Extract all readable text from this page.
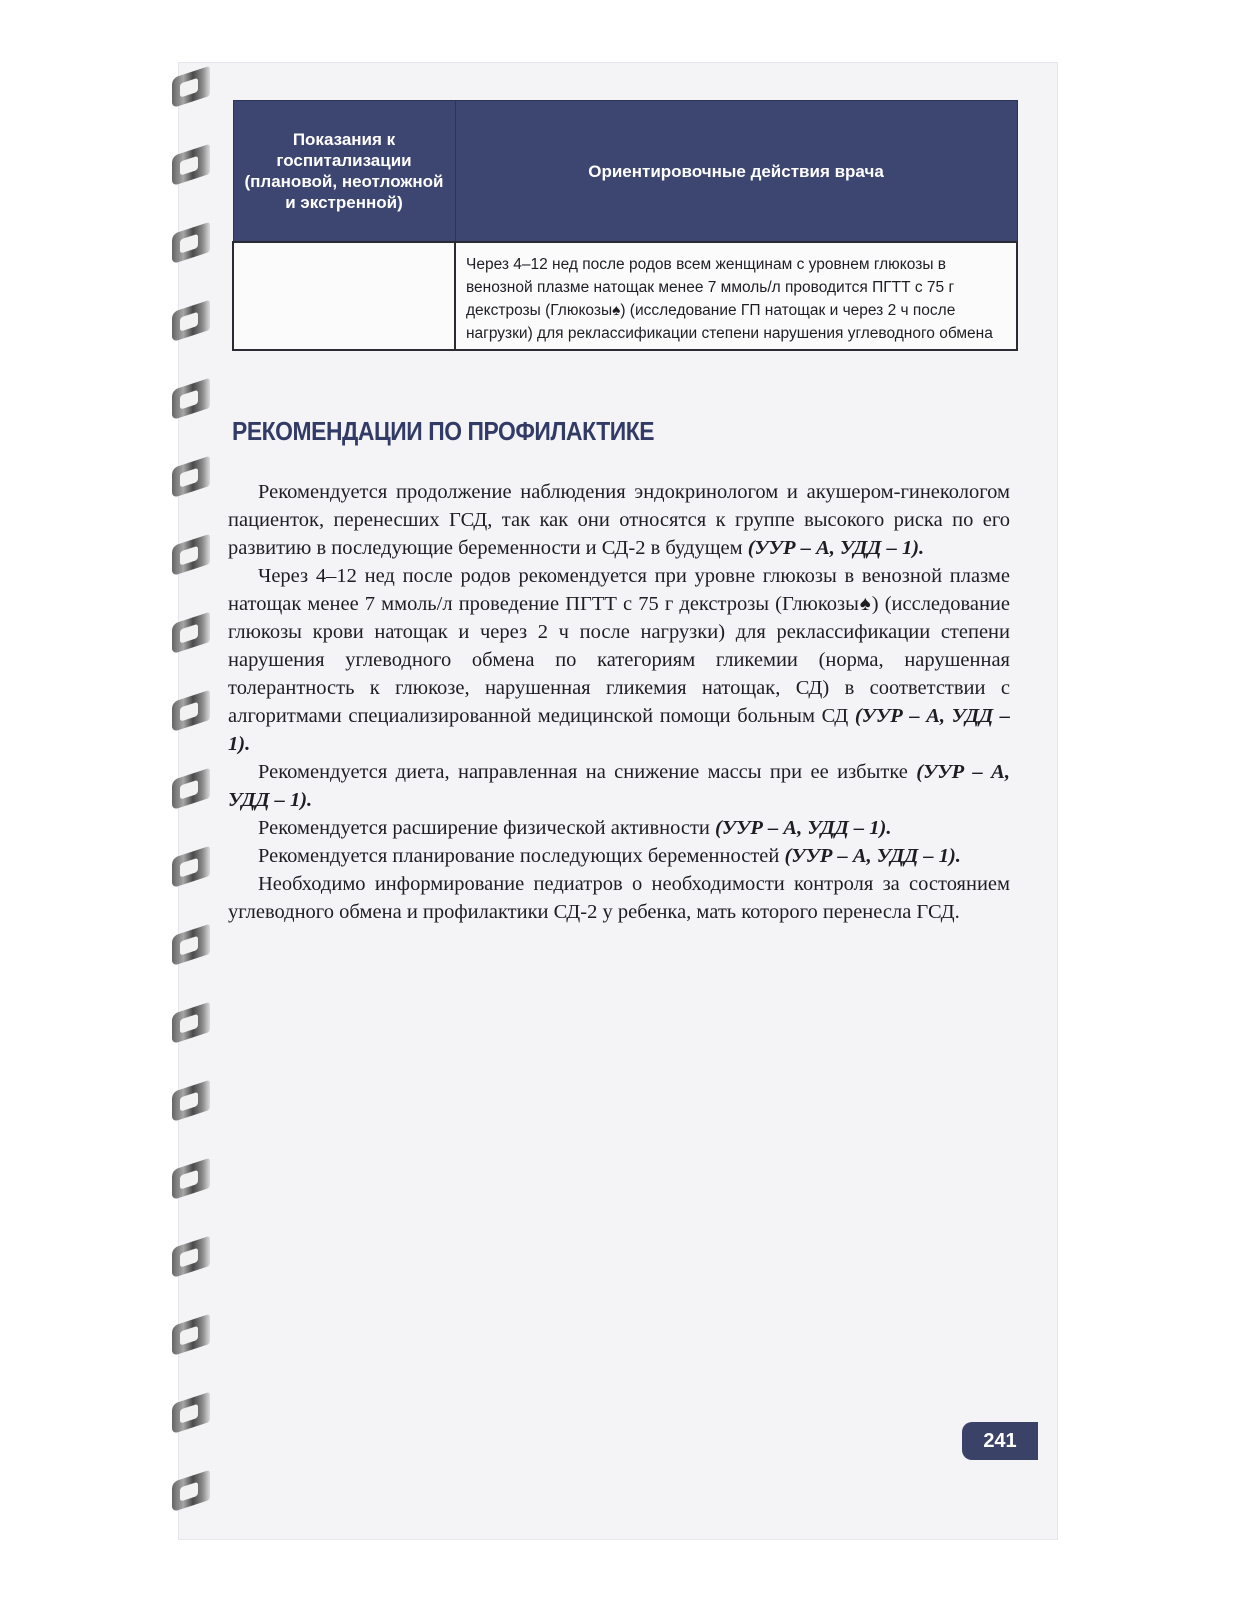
Показания к госпитализации (плановой, неотложной и экстренной)	Ориентировочные действия врача
	Через 4–12 нед после родов всем женщинам с уровнем глюкозы в венозной плазме натощак менее 7 ммоль/л проводится ПГТТ с 75 г декстрозы (Глюкозы♠) (исследование ГП натощак и через 2 ч после нагрузки) для реклассификации степени нарушения углеводного обмена
РЕКОМЕНДАЦИИ ПО ПРОФИЛАКТИКЕ

Рекомендуется продолжение наблюдения эндокринологом и акушером-гинекологом пациенток, перенесших ГСД, так как они относятся к группе высокого риска по его развитию в последующие беременности и СД-2 в будущем (УУР – А, УДД – 1).

Через 4–12 нед после родов рекомендуется при уровне глюкозы в венозной плазме натощак менее 7 ммоль/л проведение ПГТТ с 75 г декстрозы (Глюкозы♠) (исследование глюкозы крови натощак и через 2 ч после нагрузки) для реклассификации степени нарушения углеводного обмена по категориям гликемии (норма, нарушенная толерантность к глюкозе, нарушенная гликемия натощак, СД) в соответствии с алгоритмами специализированной медицинской помощи больным СД (УУР – А, УДД – 1).

Рекомендуется диета, направленная на снижение массы при ее избытке (УУР – А, УДД – 1).

Рекомендуется расширение физической активности (УУР – А, УДД – 1).

Рекомендуется планирование последующих беременностей (УУР – А, УДД – 1).

Необходимо информирование педиатров о необходимости контроля за состоянием углеводного обмена и профилактики СД-2 у ребенка, мать которого перенесла ГСД.

241
